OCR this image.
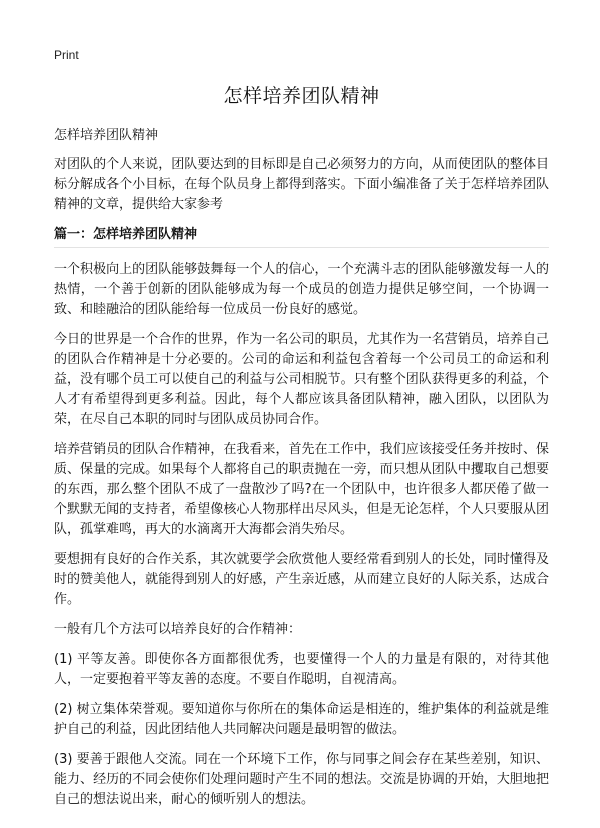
Print
怎样培养团队精神
怎样培养团队精神

对团队的个人来说，团队要达到的目标即是自己必须努力的方向，从而使团队的整体目标分解成各个小目标，在每个队员身上都得到落实。下面小编准备了关于怎样培养团队精神的文章，提供给大家参考

篇一：怎样培养团队精神

一个积极向上的团队能够鼓舞每一个人的信心，一个充满斗志的团队能够激发每一人的热情，一个善于创新的团队能够成为每一个成员的创造力提供足够空间，一个协调一致、和睦融洽的团队能给每一位成员一份良好的感觉。

今日的世界是一个合作的世界，作为一名公司的职员，尤其作为一名营销员，培养自己的团队合作精神是十分必要的。公司的命运和利益包含着每一个公司员工的命运和利益，没有哪个员工可以使自己的利益与公司相脱节。只有整个团队获得更多的利益，个人才有希望得到更多利益。因此，每个人都应该具备团队精神，融入团队，以团队为荣，在尽自己本职的同时与团队成员协同合作。

培养营销员的团队合作精神，在我看来，首先在工作中，我们应该接受任务并按时、保质、保量的完成。如果每个人都将自己的职责抛在一旁，而只想从团队中攫取自己想要的东西，那么整个团队不成了一盘散沙了吗?在一个团队中，也许很多人都厌倦了做一个默默无闻的支持者，希望像核心人物那样出尽风头，但是无论怎样，个人只要服从团队，孤掌难鸣，再大的水滴离开大海都会消失殆尽。

要想拥有良好的合作关系，其次就要学会欣赏他人要经常看到别人的长处，同时懂得及时的赞美他人，就能得到别人的好感，产生亲近感，从而建立良好的人际关系，达成合作。

一般有几个方法可以培养良好的合作精神：

(1) 平等友善。即使你各方面都很优秀，也要懂得一个人的力量是有限的，对待其他人，一定要抱着平等友善的态度。不要自作聪明，自视清高。

(2) 树立集体荣誉观。要知道你与你所在的集体命运是相连的，维护集体的利益就是维护自己的利益，因此团结他人共同解决问题是最明智的做法。

(3) 要善于跟他人交流。同在一个环境下工作，你与同事之间会存在某些差别，知识、能力、经历的不同会使你们处理问题时产生不同的想法。交流是协调的开始，大胆地把自己的想法说出来，耐心的倾听别人的想法。
